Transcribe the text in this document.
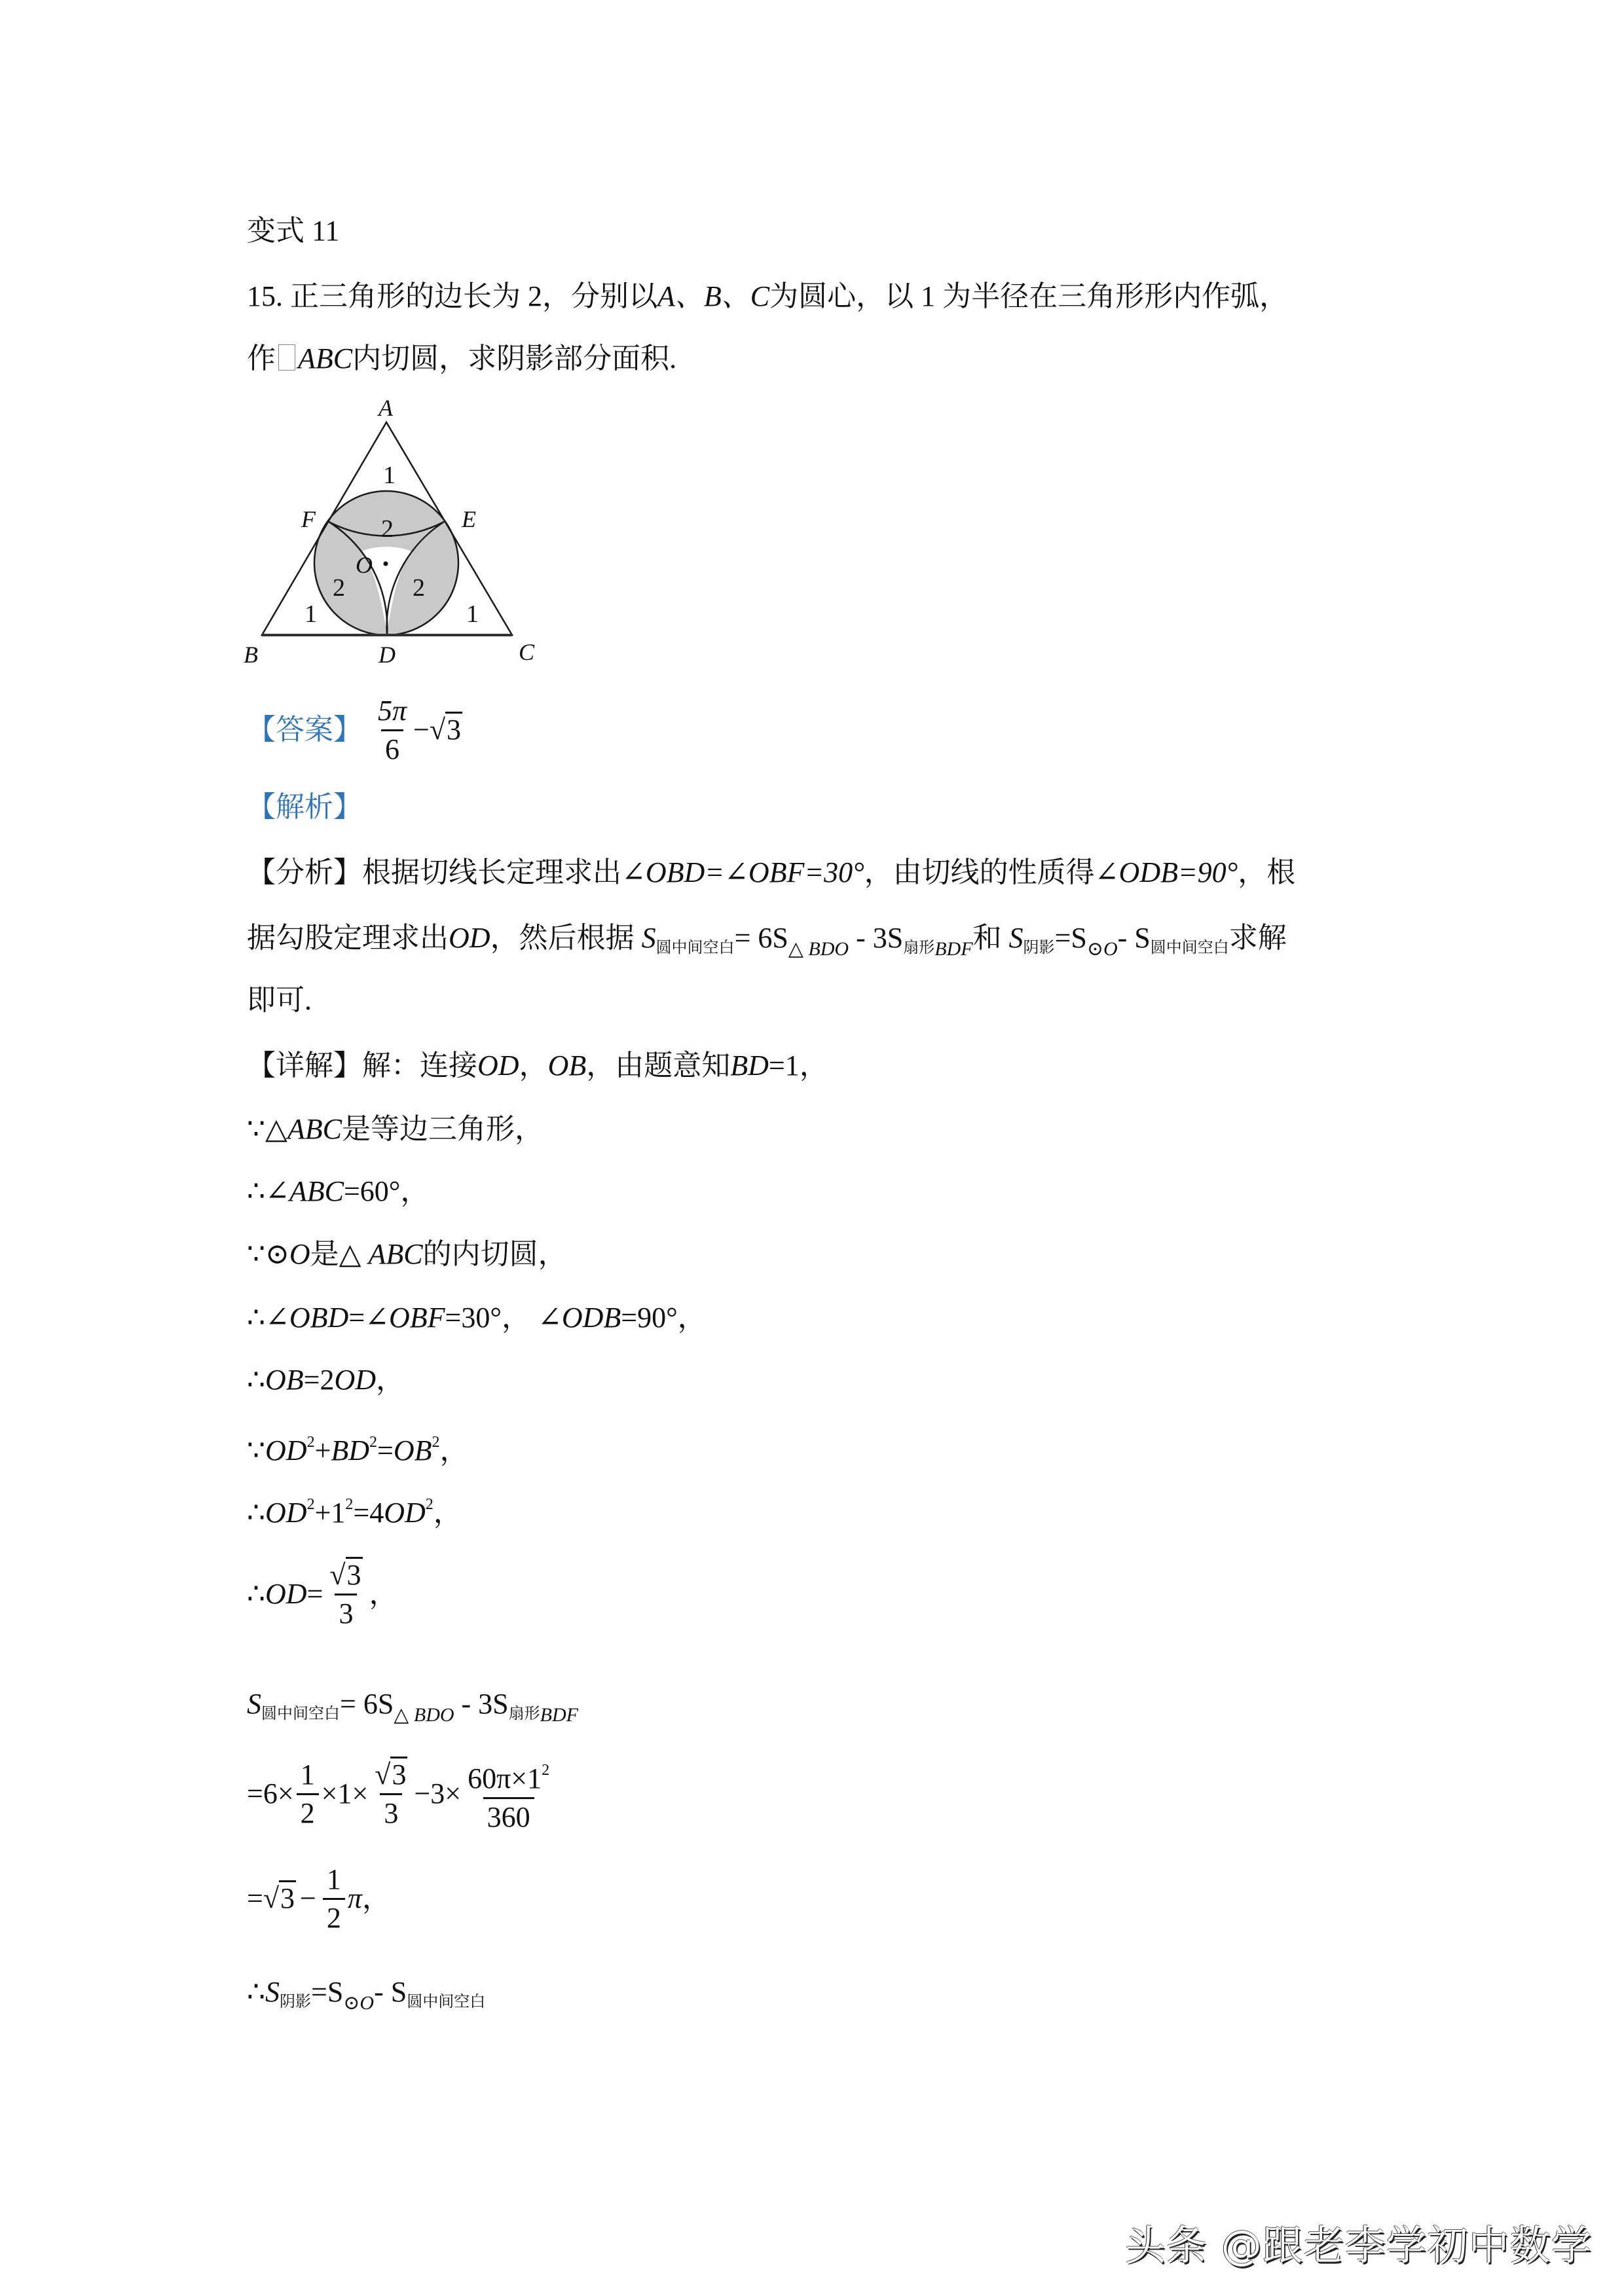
变式 11
15. 正三角形的边长为 2，分别以A、B、C为圆心，以 1 为半径在三角形形内作弧，
作 ABC内切圆，求阴影部分面积.
A
B	C
D
E
F
O
1
1	1
2
2	2
【答案】 $\frac{5\pi}{6} - √3$
【解析】
【分析】根据切线长定理求出∠OBD=∠OBF=30°，由切线的性质得∠ODB=90°，根
据勾股定理求出OD，然后根据 $S_{圆中间空白}= 6S_{\triangle BDO} - 3S_{扇形BDF}$和 $S_{阴影}=S_{⊙O}-$ $S_{圆中间空白}$求解
即可.
【详解】解：连接OD，OB，由题意知BD=1，
∵△ABC是等边三角形，
∴∠ABC=60°，
∵⊙O是△ ABC的内切圆，
∴∠OBD=∠OBF=30°， ∠ODB=90°，
∴OB=2OD，
$\because OD^2+BD^2=OB^2$，
$\therefore OD^2+1^2=4OD^2$，
∴ OD = $\frac{√3}{3}$ ，
$S_{圆中间空白}= 6S_{\triangle BDO} - 3S_{扇形BDF}$
$=6\times \frac{1}{2} \times 1\times \frac{√3}{3} -3\times \frac{60\pi\times 1^2}{360}$
= $√3 - \frac{1}{2}$ π ，
$\therefore S_{阴影}=S_{⊙O}-$ $S_{圆中间空白}$
头条 @跟老李学初中数学
